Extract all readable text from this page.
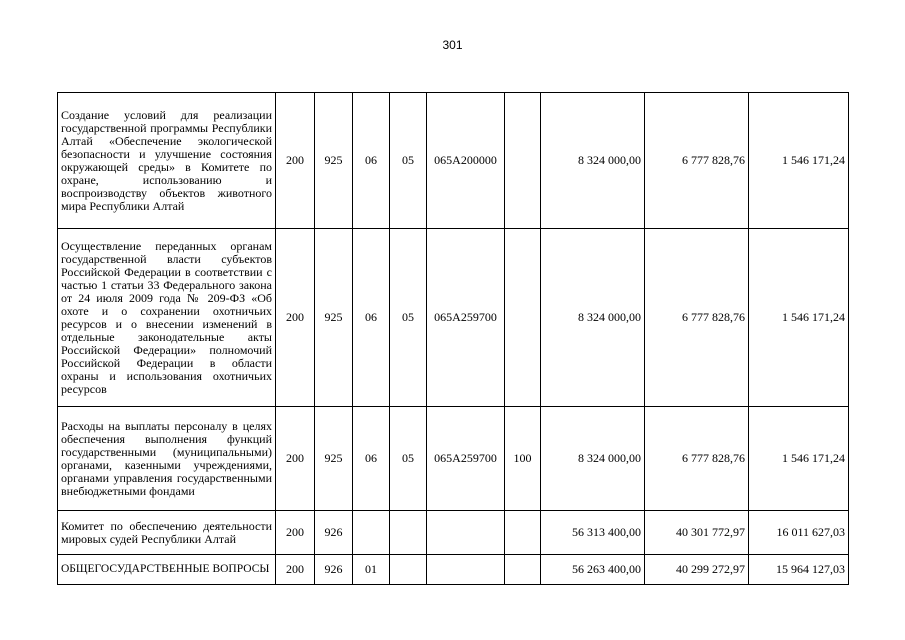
301
Создание условий для реализации государственной программы Республики Алтай «Обеспечение экологической безопасности и улучшение состояния окружающей среды» в Комитете по охране, использованию и воспроизводству объектов животного мира Республики Алтай	200	925	06	05	065A200000		8 324 000,00	6 777 828,76	1 546 171,24
Осуществление переданных органам государственной власти субъектов Российской Федерации в соответствии с частью 1 статьи 33 Федерального закона от 24 июля 2009 года № 209-ФЗ «Об охоте и о сохранении охотничьих ресурсов и о внесении изменений в отдельные законодательные акты Российской Федерации» полномочий Российской Федерации в области охраны и использования охотничьих ресурсов	200	925	06	05	065A259700		8 324 000,00	6 777 828,76	1 546 171,24
Расходы на выплаты персоналу в целях обеспечения выполнения функций государственными (муниципальными) органами, казенными учреждениями, органами управления государственными внебюджетными фондами	200	925	06	05	065A259700	100	8 324 000,00	6 777 828,76	1 546 171,24
Комитет по обеспечению деятельности мировых судей Республики Алтай	200	926					56 313 400,00	40 301 772,97	16 011 627,03
ОБЩЕГОСУДАРСТВЕННЫЕ ВОПРОСЫ	200	926	01				56 263 400,00	40 299 272,97	15 964 127,03
